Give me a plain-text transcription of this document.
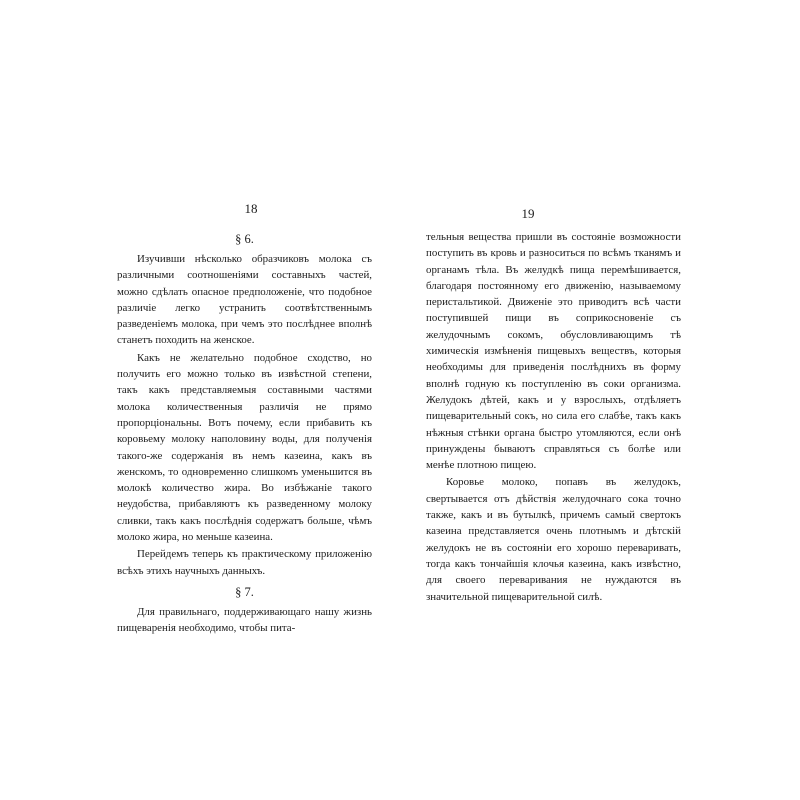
18
§ 6.

Изучивши нѣсколько образчиковъ молока съ различными соотношеніями составныхъ частей, можно сдѣлать опасное предположеніе, что подобное различіе легко устранить соотвѣтственнымъ разведеніемъ молока, при чемъ это послѣднее вполнѣ станетъ походить на женское.

Какъ не желательно подобное сходство, но получить его можно только въ извѣстной степени, такъ какъ представляемыя составными частями молока количественныя различія не прямо пропорціональны. Вотъ почему, если прибавить къ коровьему молоку наполовину воды, для полученія такого-же содержанія въ немъ казеина, какъ въ женскомъ, то одновременно слишкомъ уменьшится въ молокѣ количество жира. Во избѣжаніе такого неудобства, прибавляютъ къ разведенному молоку сливки, такъ какъ послѣднія содержатъ больше, чѣмъ молоко жира, но меньше казеина.

Перейдемъ теперь къ практическому приложенію всѣхъ этихъ научныхъ данныхъ.

§ 7.

Для правильнаго, поддерживающаго нашу жизнь пищеваренія необходимо, чтобы пита-

19

тельныя вещества пришли въ состояніе возможности поступить въ кровь и разноситься по всѣмъ тканямъ и органамъ тѣла. Въ желудкѣ пища перемѣшивается, благодаря постоянному его движенію, называемому перистальтикой. Движеніе это приводитъ всѣ части поступившей пищи въ соприкосновеніе съ желудочнымъ сокомъ, обусловливающимъ тѣ химическія измѣненія пищевыхъ веществъ, которыя необходимы для приведенія послѣднихъ въ форму вполнѣ годную къ поступленію въ соки организма. Желудокъ дѣтей, какъ и у взрослыхъ, отдѣляетъ пищеварительный сокъ, но сила его слабѣе, такъ какъ нѣжныя стѣнки органа быстро утомляются, если онѣ принуждены бываютъ справляться съ болѣе или менѣе плотною пищею.

Коровье молоко, попавъ въ желудокъ, свертывается отъ дѣйствія желудочнаго сока точно также, какъ и въ бутылкѣ, причемъ самый свертокъ казеина представляется очень плотнымъ и дѣтскій желудокъ не въ состояніи его хорошо переваривать, тогда какъ тончайшія клочья казеина, какъ извѣстно, для своего переваривания не нуждаются въ значительной пищеварительной силѣ.
